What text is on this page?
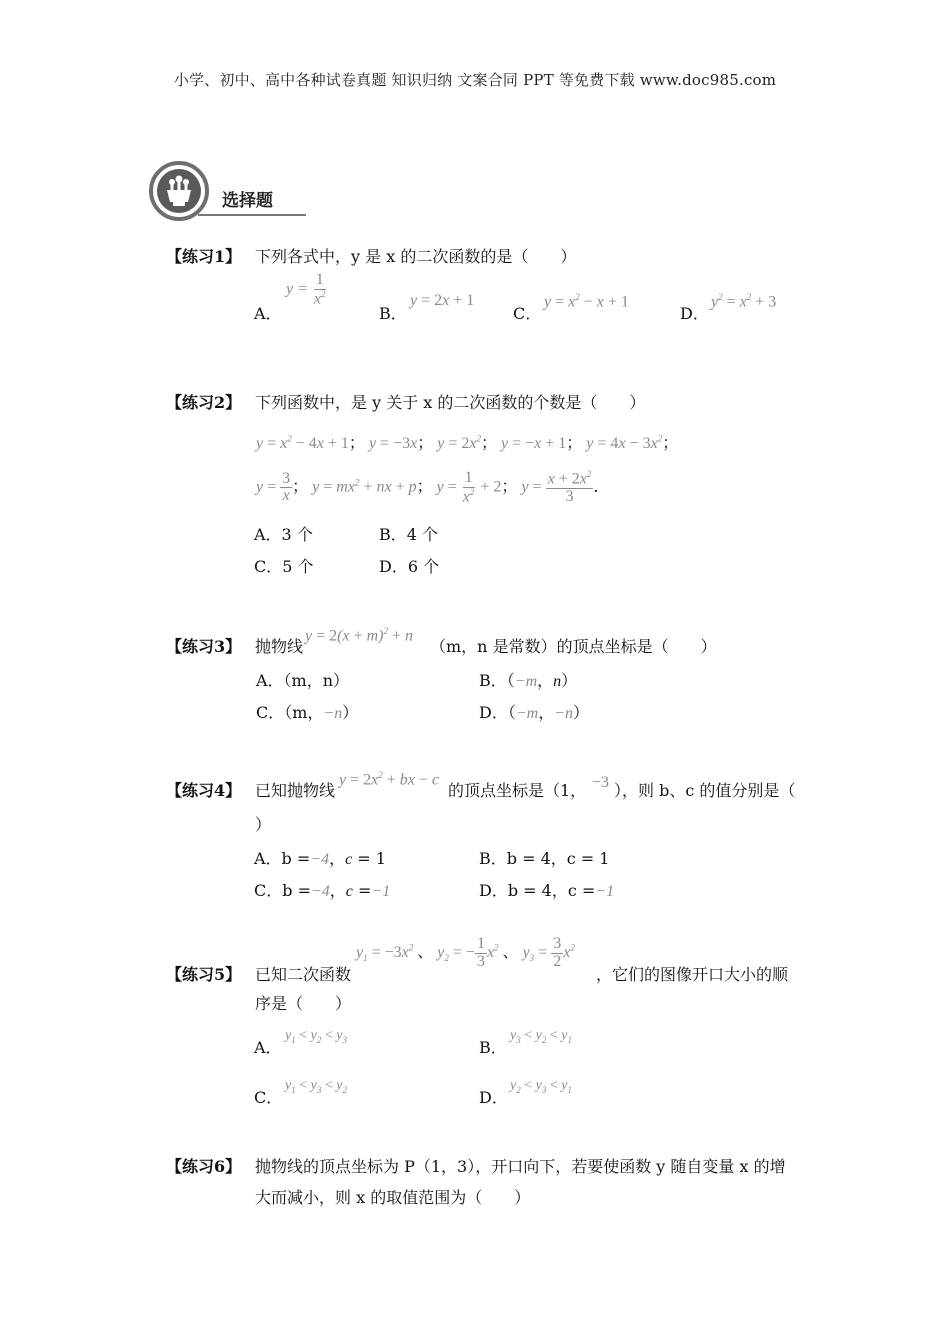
小学、初中、高中各种试卷真题 知识归纳 文案合同 PPT 等免费下载 www.doc985.com
选择题
【练习1】 下列各式中，y 是 x 的二次函数的是（　　）
A．
$y = \frac{1}{x^2}$
B．
y = 2x + 1
C．
$y = x^2 - x + 1$
D．
$y^2 = x^2 + 3$
【练习2】 下列函数中，是 y 关于 x 的二次函数的个数是（　　）
$y = x^2 - 4x + 1$； y = −3x； $y = 2x^2$； y = −x + 1； $y = 4x - 3x^2$；
$y = \frac{3}{x}$ ； $y = mx^2$ + nx + p； $y = \frac{1}{x^2} + 2$； $y = \frac{x + 2x^2}{3}$ ．
A．3 个	B．4 个
C．5 个	D．6 个
【练习3】 抛物线
$y = 2(x + m)^2 + n$
（m，n 是常数）的顶点坐标是（　　）
A．（m，n）	B．（−m，n）
C．（m，−n）	D．（−m，−n）
【练习4】 已知抛物线
$y = 2x^2$ + bx − c
的顶点坐标是（1， −3 ），则 b、c 的值分别是（
）
A．b =−4，c = 1	B．b = 4，c = 1
C．b =−4，c =−1	D．b = 4，c =−1
【练习5】 已知二次函数
$y_1 = -3x^2$ 、 $y_2$ = − $\frac{1}{3} x^2$ 、 $y_3 = \frac{3}{2} x^2$
，它们的图像开口大小的顺
序是（　　）
A．
$y_1 < y_2 < y_3$	B．
$y_3 < y_2 < y_1$
C．
$y_1 < y_3 < y_2$	D．
$y_2 < y_3 < y_1$
【练习6】 抛物线的顶点坐标为 P（1，3），开口向下，若要使函数 y 随自变量 x 的增
大而减小，则 x 的取值范围为（　　）
